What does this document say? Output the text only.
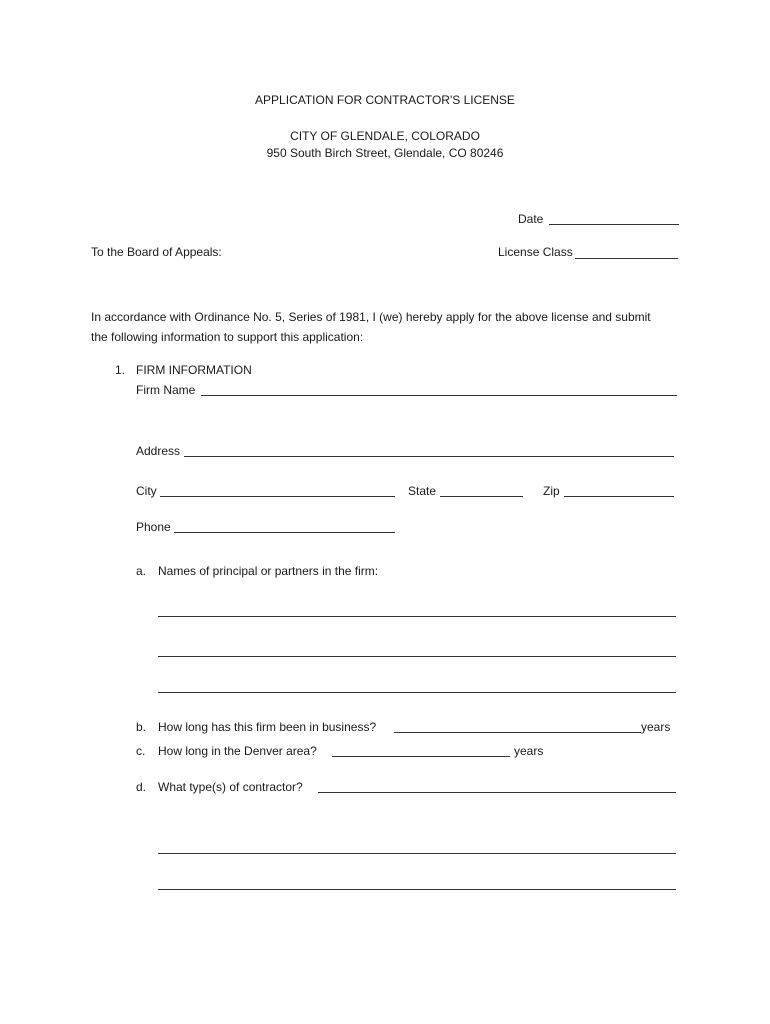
APPLICATION FOR CONTRACTOR'S LICENSE
CITY OF GLENDALE, COLORADO
950 South Birch Street, Glendale, CO 80246
Date
To the Board of Appeals:	License Class
In accordance with Ordinance No. 5, Series of 1981, I (we) hereby apply for the above license and submit
the following information to support this application:
1. FIRM INFORMATION
Firm Name
Address
City	State	Zip
Phone
a. Names of principal or partners in the firm:
b. How long has this firm been in business?	years
c. How long in the Denver area?	years
d. What type(s) of contractor?
